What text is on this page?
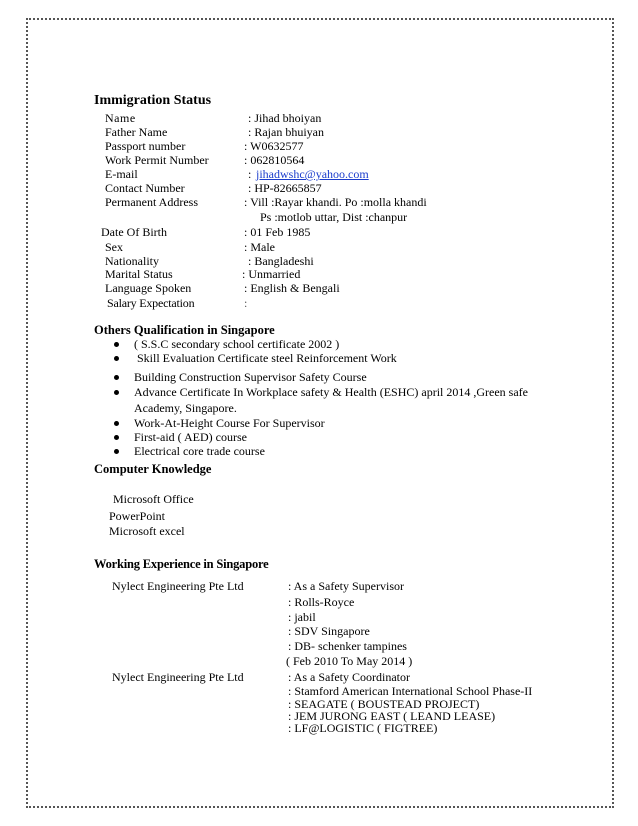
Immigration Status
Name	: Jihad bhoiyan
Father Name	: Rajan bhuiyan
Passport number	: W0632577
Work Permit Number	: 062810564
E-mail	: jihadwshc@yahoo.com
Contact Number	: HP-82665857
Permanent Address	: Vill :Rayar khandi. Po :molla khandi
Ps :motlob uttar, Dist :chanpur
Date Of Birth	: 01 Feb 1985
Sex	: Male
Nationality	: Bangladeshi
Marital Status	: Unmarried
Language Spoken	: English & Bengali
Salary Expectation	:
Others Qualification in Singapore
( S.S.C secondary school certificate 2002 )
Skill Evaluation Certificate steel Reinforcement Work
Building Construction Supervisor Safety Course
Advance Certificate In Workplace safety & Health (ESHC) april 2014 ,Green safe
Academy, Singapore.
Work-At-Height Course For Supervisor
First-aid ( AED) course
Electrical core trade course
Computer Knowledge
Microsoft Office
PowerPoint
Microsoft excel
Working Experience in Singapore
Nylect Engineering Pte Ltd	: As a Safety Supervisor
: Rolls-Royce
: jabil
: SDV Singapore
: DB- schenker tampines
( Feb 2010 To May 2014 )
Nylect Engineering Pte Ltd	: As a Safety Coordinator
: Stamford American International School Phase-II
: SEAGATE ( BOUSTEAD PROJECT)
: JEM JURONG EAST ( LEAND LEASE)
: LF@LOGISTIC ( FIGTREE)
